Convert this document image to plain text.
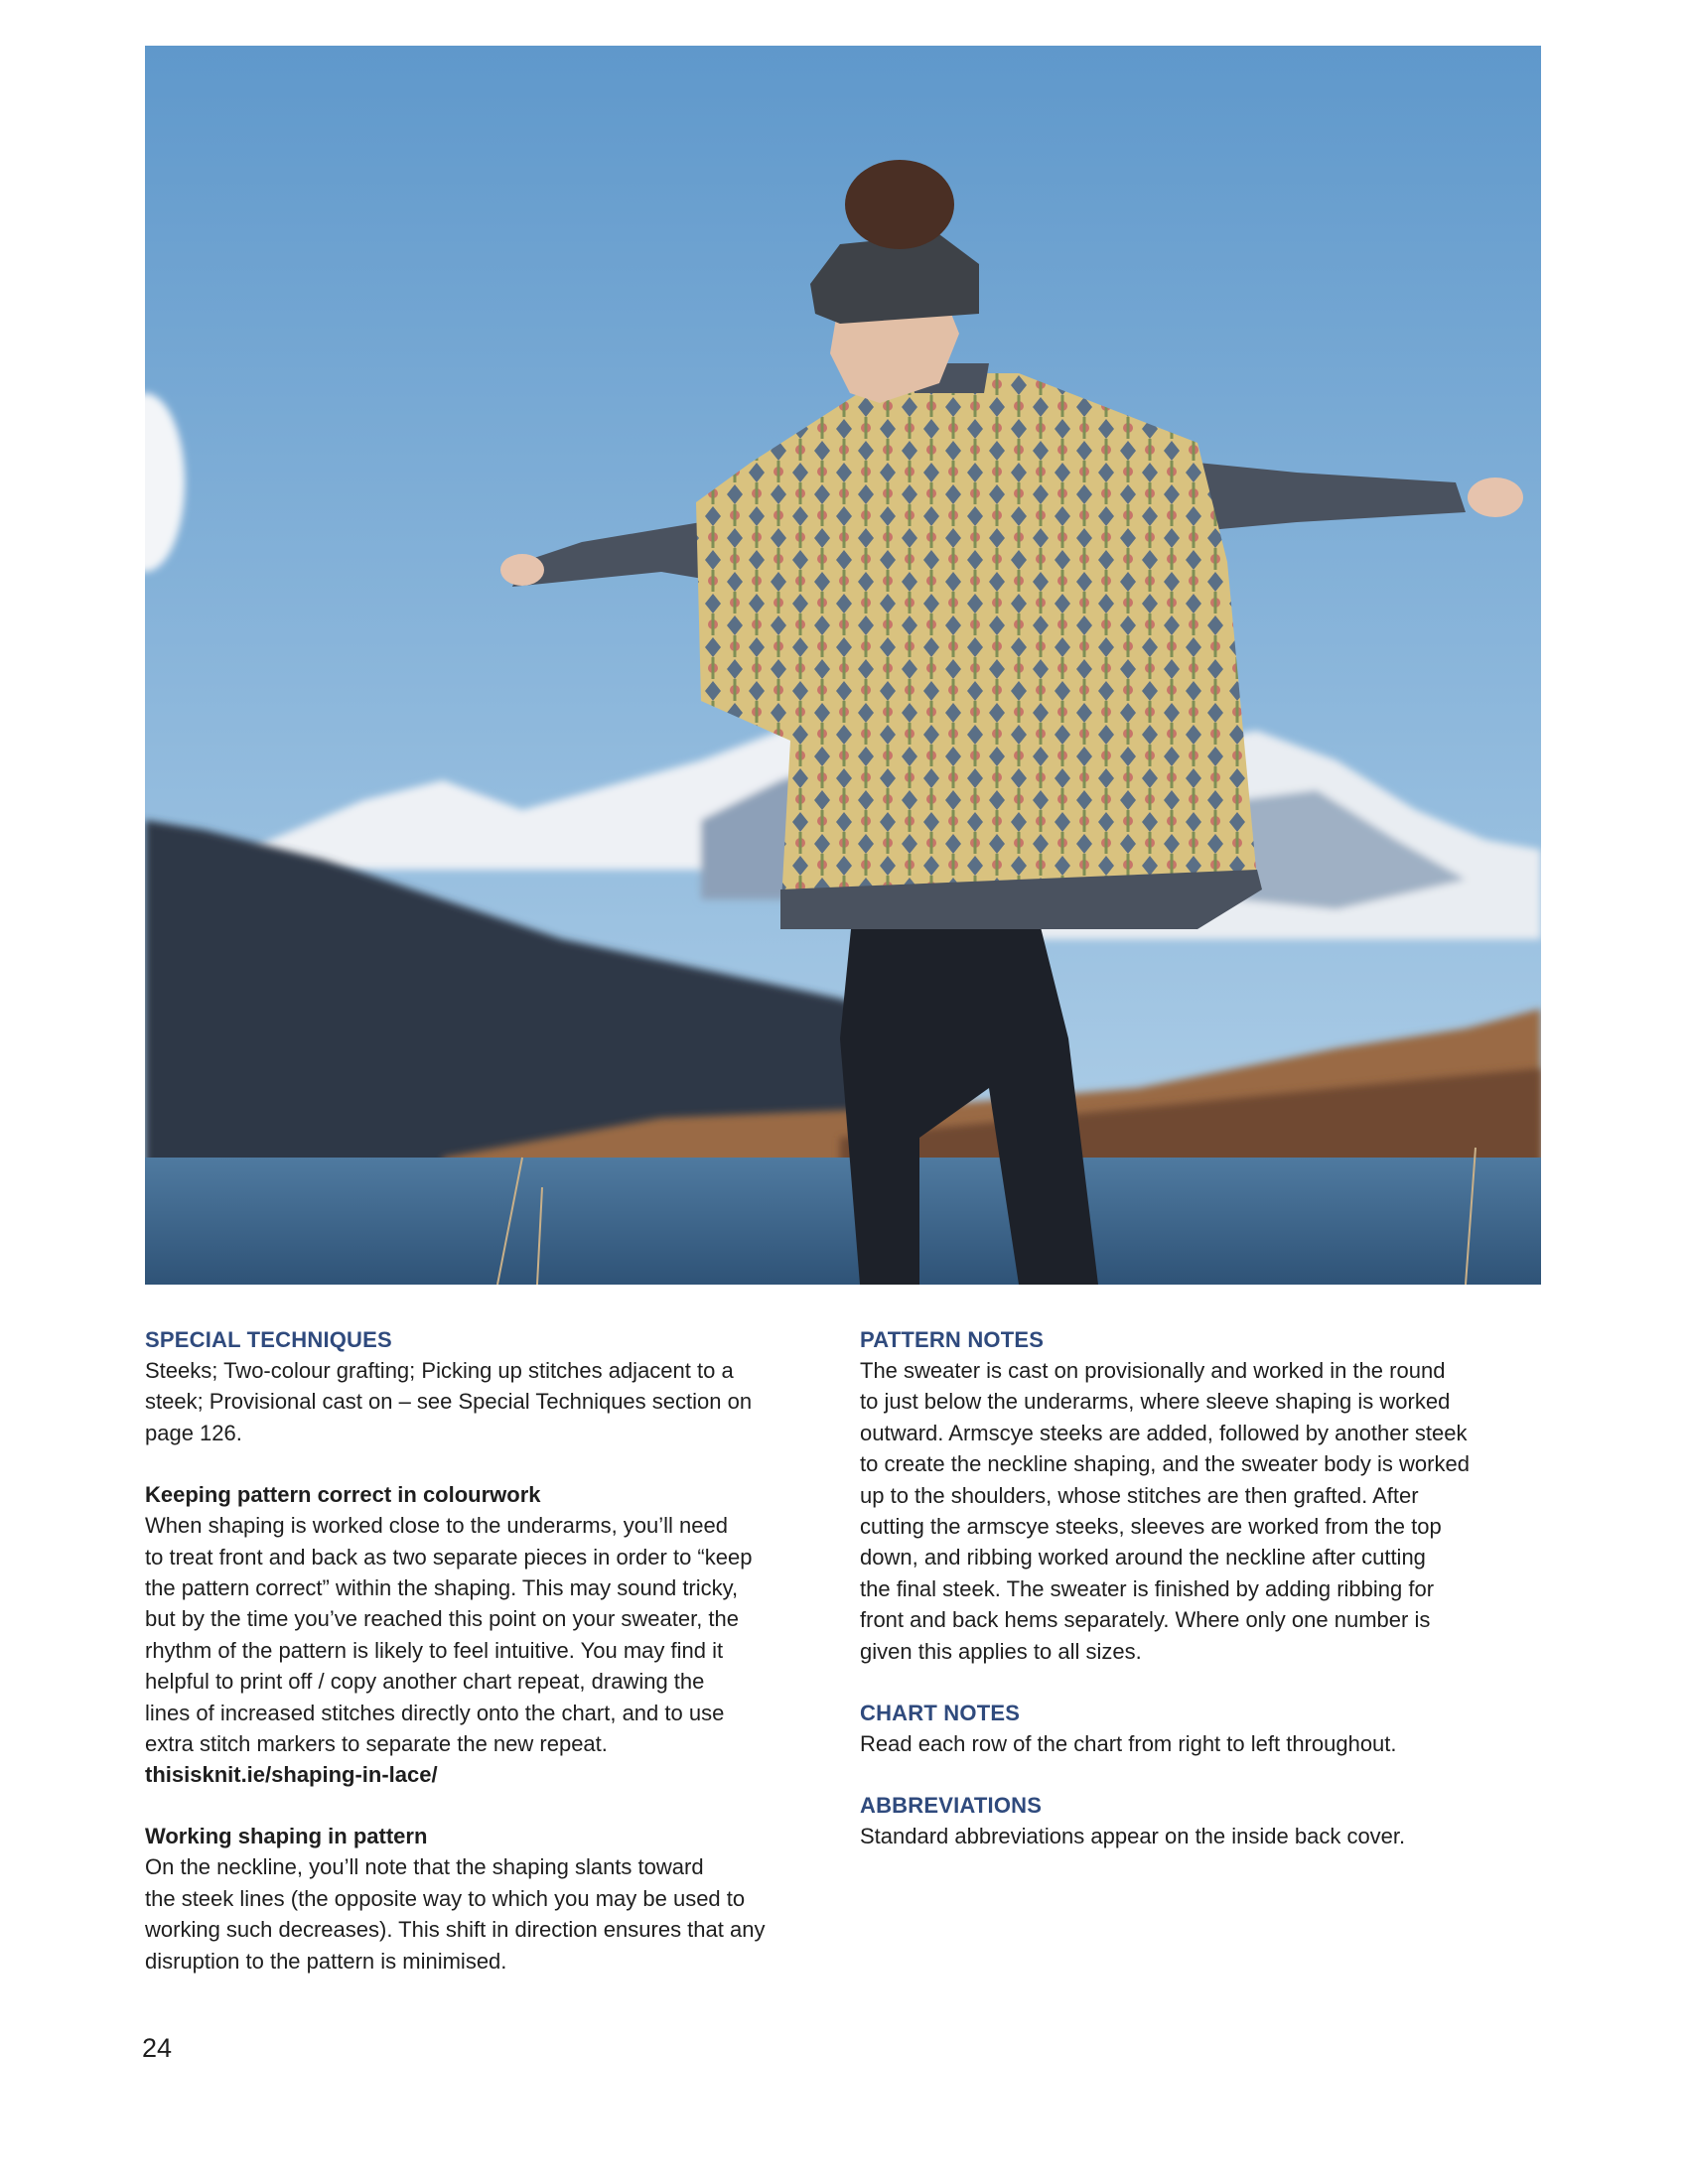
SPECIAL TECHNIQUES

Steeks; Two-colour grafting; Picking up stitches adjacent to a

steek; Provisional cast on – see Special Techniques section on

page 126.

Keeping pattern correct in colourwork

When shaping is worked close to the underarms, you’ll need

to treat front and back as two separate pieces in order to “keep

the pattern correct” within the shaping. This may sound tricky,

but by the time you’ve reached this point on your sweater, the

rhythm of the pattern is likely to feel intuitive. You may find it

helpful to print off / copy another chart repeat, drawing the

lines of increased stitches directly onto the chart, and to use

extra stitch markers to separate the new repeat.

thisisknit.ie/shaping-in-lace/

Working shaping in pattern

On the neckline, you’ll note that the shaping slants toward

the steek lines (the opposite way to which you may be used to

working such decreases). This shift in direction ensures that any

disruption to the pattern is minimised.

PATTERN NOTES

The sweater is cast on provisionally and worked in the round

to just below the underarms, where sleeve shaping is worked

outward. Armscye steeks are added, followed by another steek

to create the neckline shaping, and the sweater body is worked

up to the shoulders, whose stitches are then grafted. After

cutting the armscye steeks, sleeves are worked from the top

down, and ribbing worked around the neckline after cutting

the final steek. The sweater is finished by adding ribbing for

front and back hems separately. Where only one number is

given this applies to all sizes.

CHART NOTES

Read each row of the chart from right to left throughout.

ABBREVIATIONS

Standard abbreviations appear on the inside back cover.

24
